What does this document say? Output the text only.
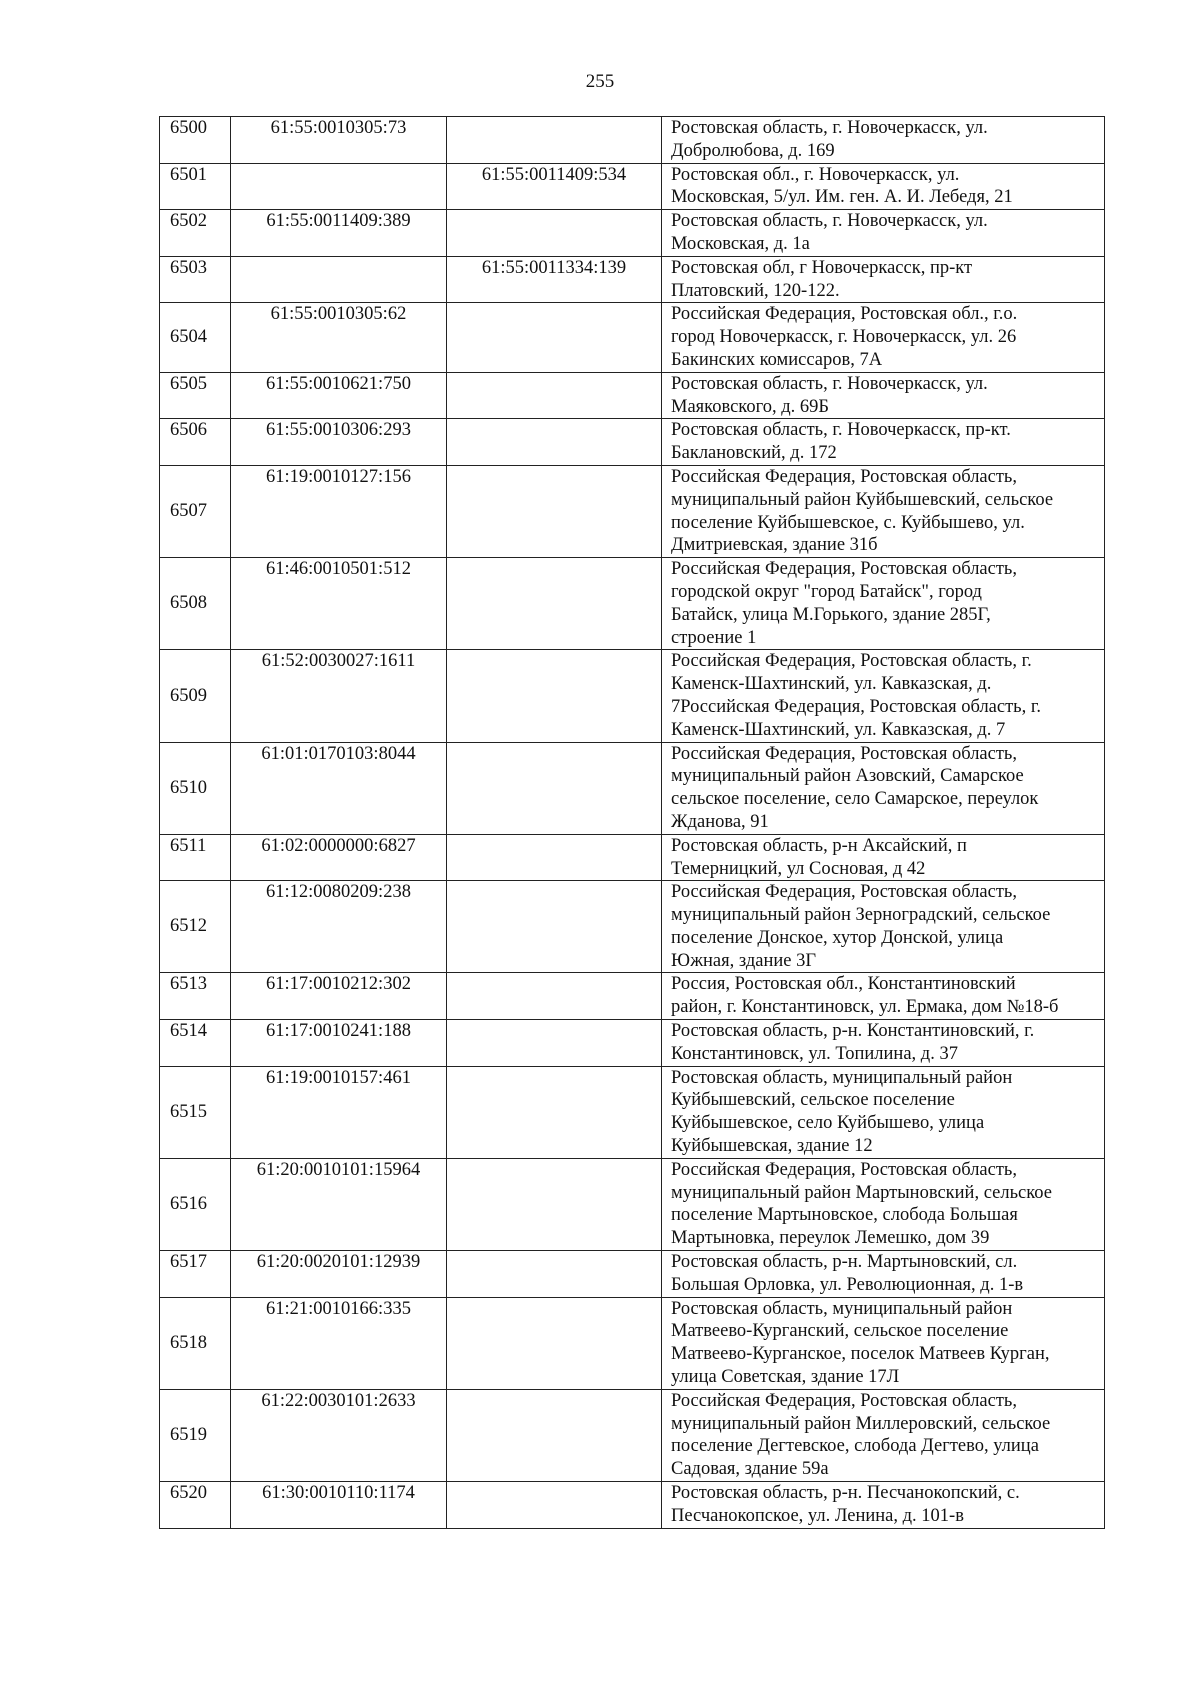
255
6500	61:55:0010305:73		Ростовская область, г. Новочеркасск, ул.
Добролюбова, д. 169

6501		61:55:0011409:534	Ростовская обл., г. Новочеркасск, ул.
Московская, 5/ул. Им. ген. А. И. Лебедя, 21

6502	61:55:0011409:389		Ростовская область, г. Новочеркасск, ул.
Московская, д. 1а

6503		61:55:0011334:139	Ростовская обл, г Новочеркасск, пр-кт
Платовский, 120-122.

6504	61:55:0010305:62		Российская Федерация, Ростовская обл., г.о.
город Новочеркасск, г. Новочеркасск, ул. 26
Бакинских комиссаров, 7А

6505	61:55:0010621:750		Ростовская область, г. Новочеркасск, ул.
Маяковского, д. 69Б

6506	61:55:0010306:293		Ростовская область, г. Новочеркасск, пр-кт.
Баклановский, д. 172

6507	61:19:0010127:156		Российская Федерация, Ростовская область,
муниципальный район Куйбышевский, сельское
поселение Куйбышевское, с. Куйбышево, ул.
Дмитриевская, здание 31б

6508	61:46:0010501:512		Российская Федерация, Ростовская область,
городской округ "город Батайск", город
Батайск, улица М.Горького, здание 285Г,
строение 1

6509	61:52:0030027:1611		Российская Федерация, Ростовская область, г.
Каменск-Шахтинский, ул. Кавказская, д.
7Российская Федерация, Ростовская область, г.
Каменск-Шахтинский, ул. Кавказская, д. 7

6510	61:01:0170103:8044		Российская Федерация, Ростовская область,
муниципальный район Азовский, Самарское
сельское поселение, село Самарское, переулок
Жданова, 91

6511	61:02:0000000:6827		Ростовская область, р-н Аксайский, п
Темерницкий, ул Сосновая, д 42

6512	61:12:0080209:238		Российская Федерация, Ростовская область,
муниципальный район Зерноградский, сельское
поселение Донское, хутор Донской, улица
Южная, здание 3Г

6513	61:17:0010212:302		Россия, Ростовская обл., Константиновский
район, г. Константиновск, ул. Ермака, дом №18-б

6514	61:17:0010241:188		Ростовская область, р-н. Константиновский, г.
Константиновск, ул. Топилина, д. 37

6515	61:19:0010157:461		Ростовская область, муниципальный район
Куйбышевский, сельское поселение
Куйбышевское, село Куйбышево, улица
Куйбышевская, здание 12

6516	61:20:0010101:15964		Российская Федерация, Ростовская область,
муниципальный район Мартыновский, сельское
поселение Мартыновское, слобода Большая
Мартыновка, переулок Лемешко, дом 39

6517	61:20:0020101:12939		Ростовская область, р-н. Мартыновский, сл.
Большая Орловка, ул. Революционная, д. 1-в

6518	61:21:0010166:335		Ростовская область, муниципальный район
Матвеево-Курганский, сельское поселение
Матвеево-Курганское, поселок Матвеев Курган,
улица Советская, здание 17Л

6519	61:22:0030101:2633		Российская Федерация, Ростовская область,
муниципальный район Миллеровский, сельское
поселение Дегтевское, слобода Дегтево, улица
Садовая, здание 59а

6520	61:30:0010110:1174		Ростовская область, р-н. Песчанокопский, с.
Песчанокопское, ул. Ленина, д. 101-в
